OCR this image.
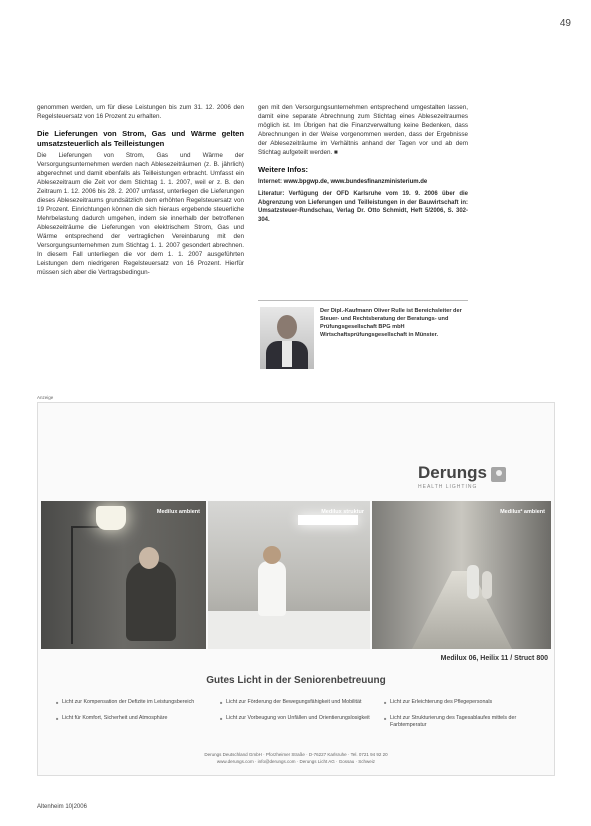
49

genommen werden, um für diese Leistungen bis zum 31. 12. 2006 den Regelsteuersatz von 16 Prozent zu erhalten.

Die Lieferungen von Strom, Gas und Wärme gelten umsatzsteuerlich als Teilleistungen

Die Lieferungen von Strom, Gas und Wärme der Versorgungsunternehmen werden nach Ablesezeiträumen (z. B. jährlich) abgerechnet und damit ebenfalls als Teilleistungen erbracht. Umfasst ein Ablesezeitraum die Zeit vor dem Stichtag 1. 1. 2007, weil er z. B. den Zeitraum 1. 12. 2006 bis 28. 2. 2007 umfasst, unterliegen die Lieferungen dieses Ablesezeitraums grundsätzlich dem erhöhten Regelsteuersatz von 19 Prozent. Einrichtungen können die sich hieraus ergebende steuerliche Mehrbelastung dadurch umgehen, indem sie innerhalb der betroffenen Ablesezeiträume die Lieferungen von elektrischem Strom, Gas und Wärme entsprechend der vertraglichen Vereinbarung mit den Versorgungsunternehmen zum Stichtag 1. 1. 2007 gesondert abrechnen. In diesem Fall unterliegen die vor dem 1. 1. 2007 ausgeführten Leistungen dem niedrigeren Regelsteuersatz von 16 Prozent. Hierfür müssen sich aber die Vertragsbedingun-

gen mit den Versorgungsunternehmen entsprechend umgestalten lassen, damit eine separate Abrechnung zum Stichtag eines Ablesezeitraumes möglich ist. Im Übrigen hat die Finanzverwaltung keine Bedenken, dass Abrechnungen in der Weise vorgenommen werden, dass der Ergebnisse der Ablesezeiträume im Verhältnis anhand der Tagen vor und ab dem Stichtag aufgeteilt werden. ■

Weitere Infos:
Internet: www.bpgwp.de, www.bundesfinanzministerium.de
Literatur: Verfügung der OFD Karlsruhe vom 19. 9. 2006 über die Abgrenzung von Lieferungen und Teilleistungen in der Bauwirtschaft in: Umsatzsteuer-Rundschau, Verlag Dr. Otto Schmidt, Heft 5/2006, S. 302-304.
Der Dipl.-Kaufmann Oliver Rulle ist Bereichsleiter der Steuer- und Rechtsberatung der Beratungs- und Prüfungsgesellschaft BPG mbH Wirtschaftsprüfungsgesellschaft in Münster.
Anzeige
Derungs
HEALTH LIGHTING
Medilux ambient	Medilux struktur	Medilux² ambient
Medilux 06, Heilix 11 / Struct 800
Gutes Licht in der Seniorenbetreuung
■ Licht zur Kompensation der Defizite im Leistungsbereich
■ Licht für Komfort, Sicherheit und Atmosphäre
■ Licht zur Förderung der Bewegungsfähigkeit und Mobilität
■ Licht zur Vorbeugung von Unfällen und Orientierungslosigkeit
■ Licht zur Erleichterung des Pflegepersonals
■ Licht zur Strukturierung des Tagesablaufes mittels der Farbtemperatur
Derungs Deutschland GmbH · Pforzheimer Straße · D-76227 Karlsruhe · Tel. 0721 94 92 20
www.derungs.com · info@derungs.com · Derungs Licht AG · Gossau · Schweiz
Altenheim 10|2006
